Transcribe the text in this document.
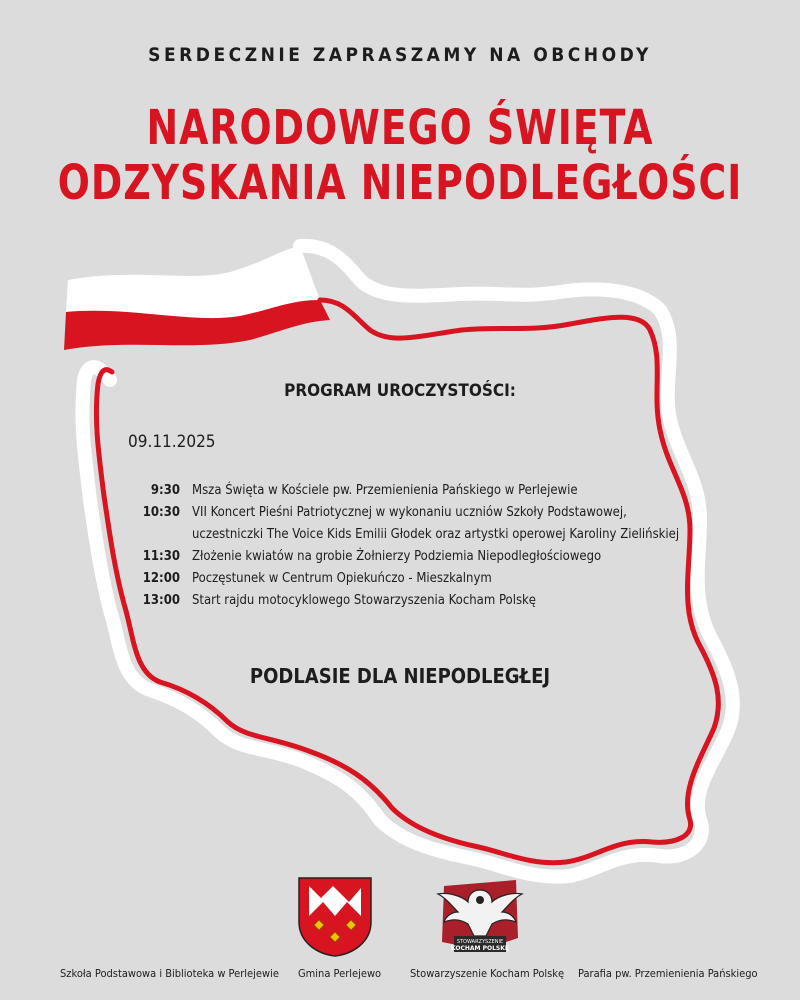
SERDECZNIE ZAPRASZAMY NA OBCHODY
NARODOWEGO ŚWIĘTA
ODZYSKANIA NIEPODLEGŁOŚCI
PROGRAM UROCZYSTOŚCI:
09.11.2025
9:30 Msza Święta w Kościele pw. Przemienienia Pańskiego w Perlejewie
10:30 VII Koncert Pieśni Patriotycznej w wykonaniu uczniów Szkoły Podstawowej,
uczestniczki The Voice Kids Emilii Głodek oraz artystki operowej Karoliny Zielińskiej
11:30 Złożenie kwiatów na grobie Żołnierzy Podziemia Niepodległościowego
12:00 Poczęstunek w Centrum Opiekuńczo - Mieszkalnym
13:00 Start rajdu motocyklowego Stowarzyszenia Kocham Polskę
PODLASIE DLA NIEPODLEGŁEJ
STOWARZYSZENIE
KOCHAM POLSKĘ
Szkoła Podstawowa i Biblioteka w Perlejewie Gmina Perlejewo	Stowarzyszenie Kocham Polskę Parafia pw. Przemienienia Pańskiego
